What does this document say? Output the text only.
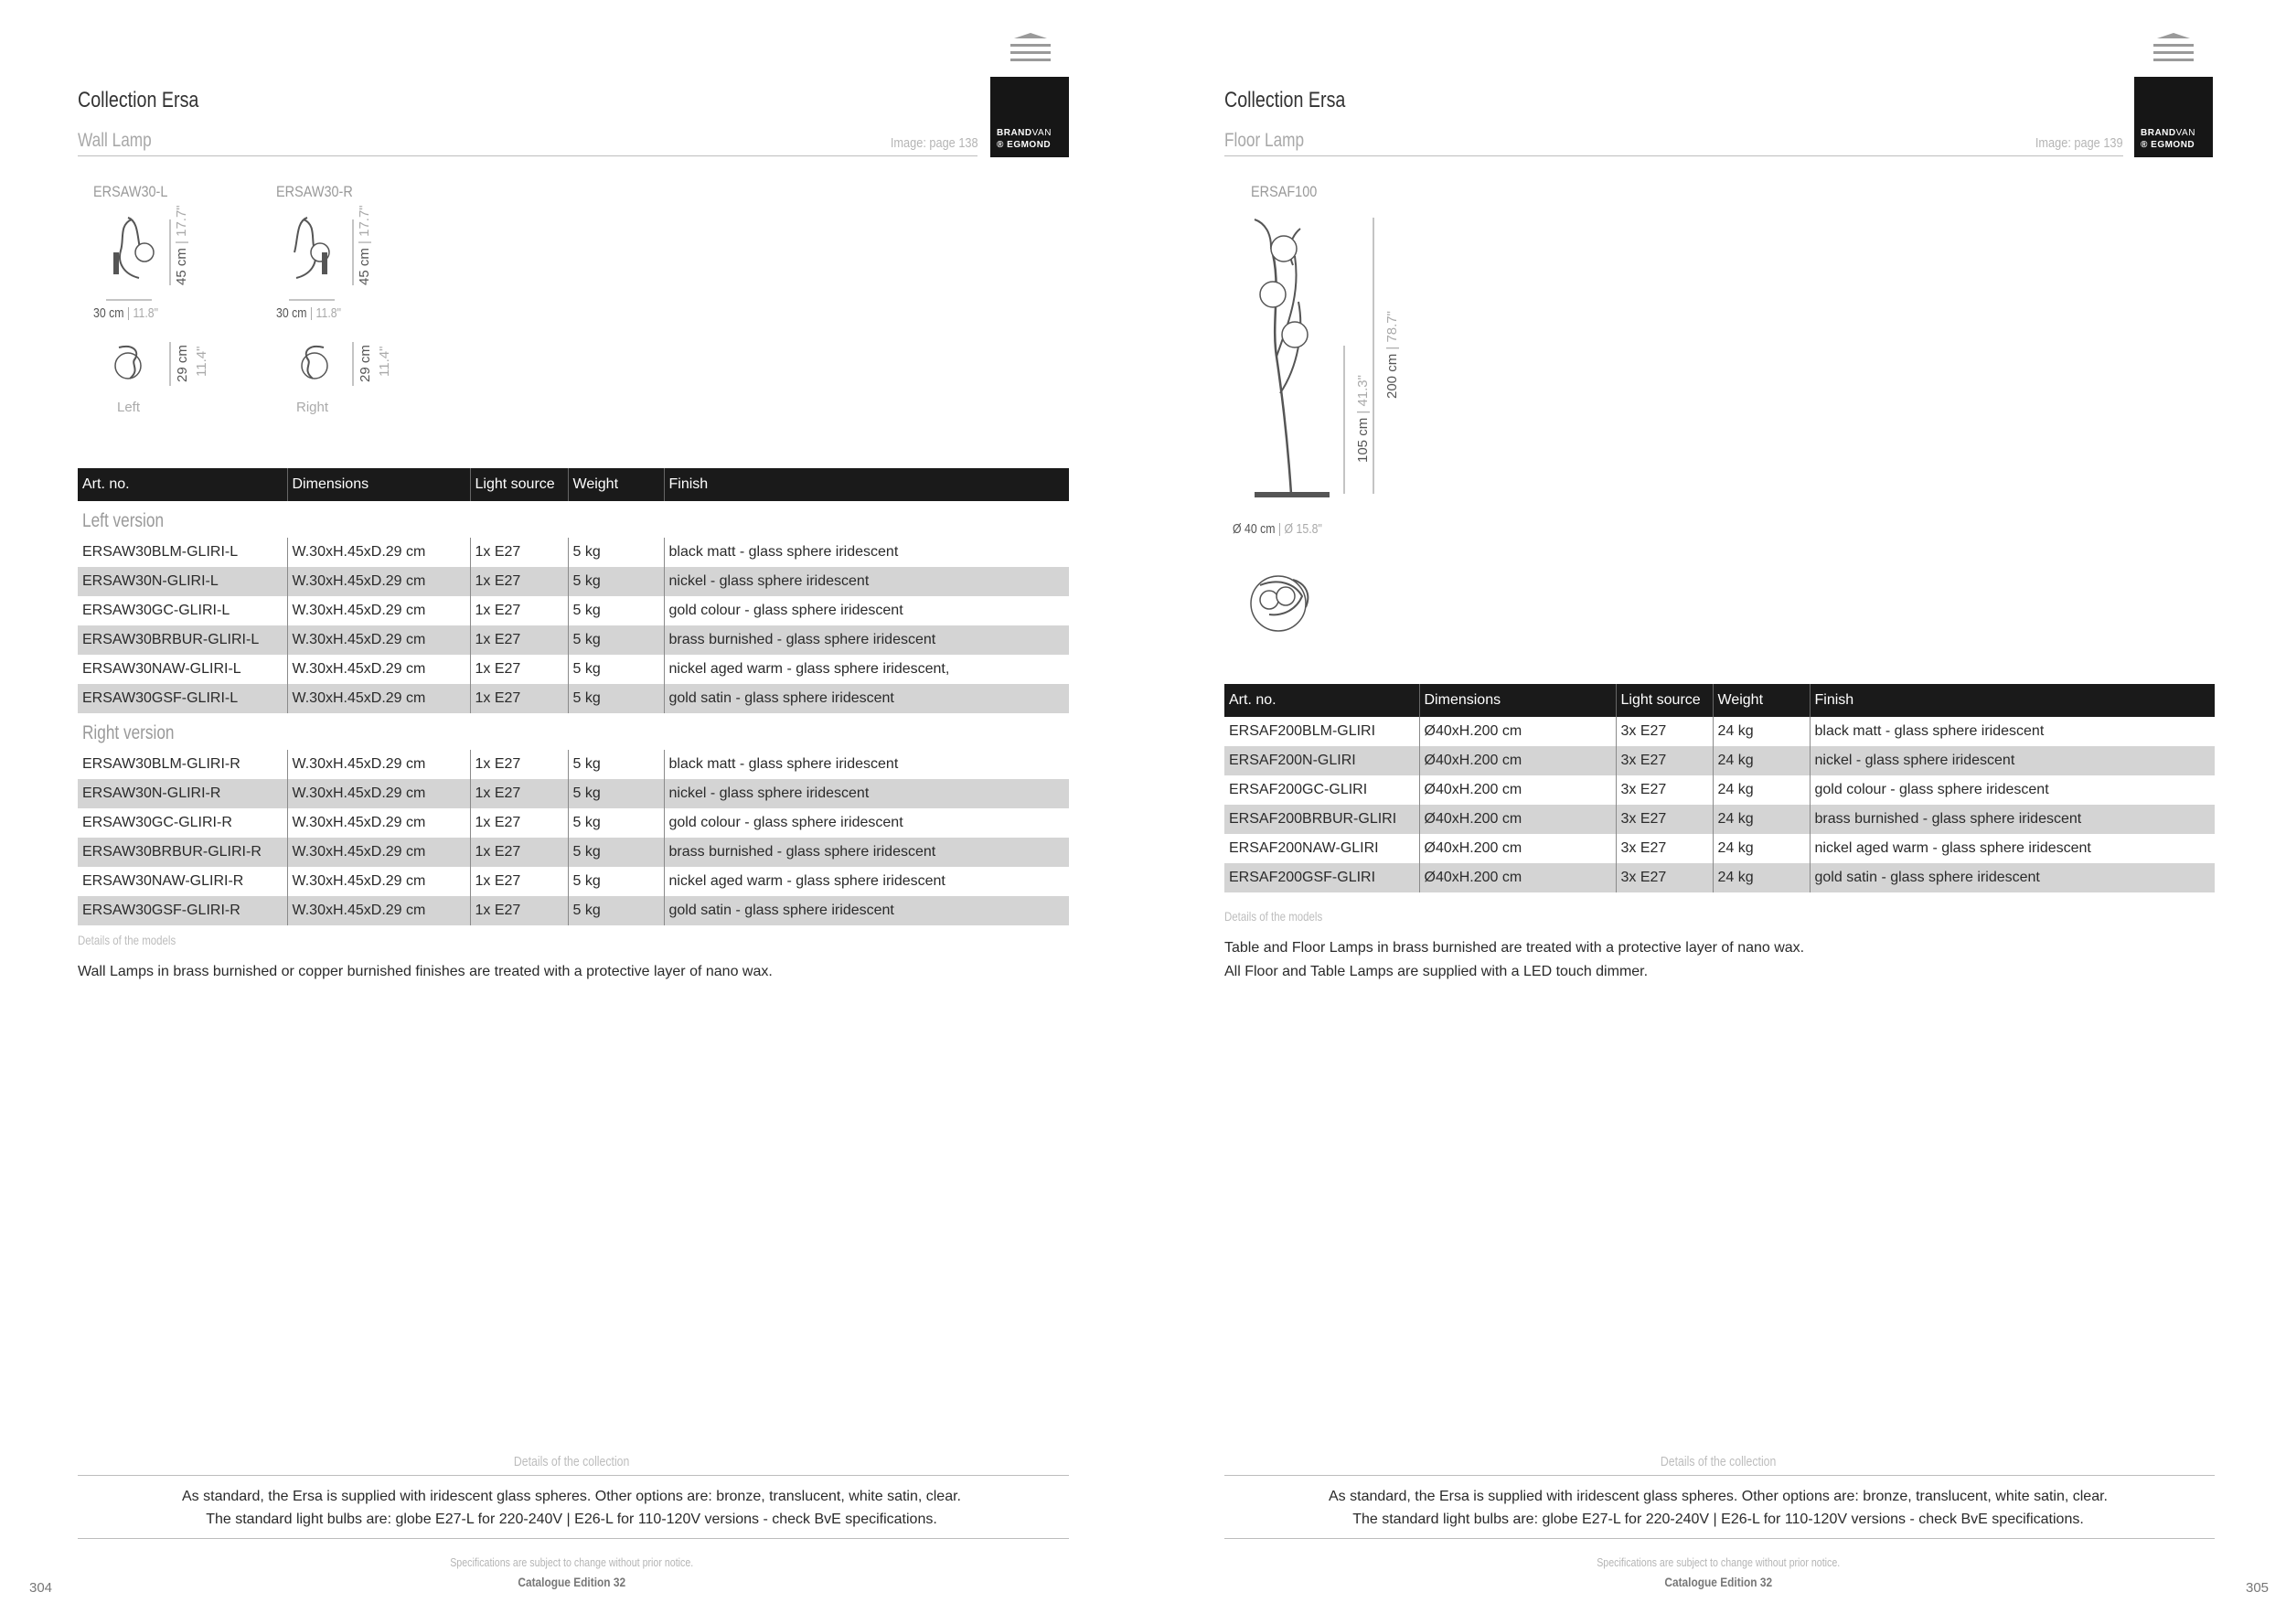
BRANDVAN
® EGMOND
Collection Ersa
Wall Lamp	Image: page 138
ERSAW30-L	ERSAW30-R
45 cm | 17.7"
30 cm | 11.8"
45 cm | 17.7"
30 cm | 11.8"
29 cm 11.4"	29 cm 11.4"
Left	Right
Art. no.	Dimensions	Light source	Weight	Finish
Left version				
ERSAW30BLM-GLIRI-L	W.30xH.45xD.29 cm	1x E27	5 kg	black matt - glass sphere iridescent
ERSAW30N-GLIRI-L	W.30xH.45xD.29 cm	1x E27	5 kg	nickel - glass sphere iridescent
ERSAW30GC-GLIRI-L	W.30xH.45xD.29 cm	1x E27	5 kg	gold colour - glass sphere iridescent
ERSAW30BRBUR-GLIRI-L	W.30xH.45xD.29 cm	1x E27	5 kg	brass burnished - glass sphere iridescent
ERSAW30NAW-GLIRI-L	W.30xH.45xD.29 cm	1x E27	5 kg	nickel aged warm - glass sphere iridescent,
ERSAW30GSF-GLIRI-L	W.30xH.45xD.29 cm	1x E27	5 kg	gold satin - glass sphere iridescent
Right version				
ERSAW30BLM-GLIRI-R	W.30xH.45xD.29 cm	1x E27	5 kg	black matt - glass sphere iridescent
ERSAW30N-GLIRI-R	W.30xH.45xD.29 cm	1x E27	5 kg	nickel - glass sphere iridescent
ERSAW30GC-GLIRI-R	W.30xH.45xD.29 cm	1x E27	5 kg	gold colour - glass sphere iridescent
ERSAW30BRBUR-GLIRI-R	W.30xH.45xD.29 cm	1x E27	5 kg	brass burnished - glass sphere iridescent
ERSAW30NAW-GLIRI-R	W.30xH.45xD.29 cm	1x E27	5 kg	nickel aged warm - glass sphere iridescent
ERSAW30GSF-GLIRI-R	W.30xH.45xD.29 cm	1x E27	5 kg	gold satin - glass sphere iridescent
Details of the models
Wall Lamps in brass burnished or copper burnished finishes are treated with a protective layer of nano wax.
Details of the collection
As standard, the Ersa is supplied with iridescent glass spheres. Other options are: bronze, translucent, white satin, clear.
The standard light bulbs are: globe E27-L for 220-240V | E26-L for 110-120V versions - check BvE specifications.
Specifications are subject to change without prior notice.
Catalogue Edition 32
304
BRANDVAN
® EGMOND
Collection Ersa
Floor Lamp	Image: page 139
ERSAF100
200 cm | 78.7"
105 cm | 41.3"
Ø 40 cm | Ø 15.8"
Art. no.	Dimensions	Light source	Weight	Finish
ERSAF200BLM-GLIRI	Ø40xH.200 cm	3x E27	24 kg	black matt - glass sphere iridescent
ERSAF200N-GLIRI	Ø40xH.200 cm	3x E27	24 kg	nickel - glass sphere iridescent
ERSAF200GC-GLIRI	Ø40xH.200 cm	3x E27	24 kg	gold colour - glass sphere iridescent
ERSAF200BRBUR-GLIRI	Ø40xH.200 cm	3x E27	24 kg	brass burnished - glass sphere iridescent
ERSAF200NAW-GLIRI	Ø40xH.200 cm	3x E27	24 kg	nickel aged warm - glass sphere iridescent
ERSAF200GSF-GLIRI	Ø40xH.200 cm	3x E27	24 kg	gold satin - glass sphere iridescent
Details of the models
Table and Floor Lamps in brass burnished are treated with a protective layer of nano wax.
All Floor and Table Lamps are supplied with a LED touch dimmer.
Details of the collection
As standard, the Ersa is supplied with iridescent glass spheres. Other options are: bronze, translucent, white satin, clear.
The standard light bulbs are: globe E27-L for 220-240V | E26-L for 110-120V versions - check BvE specifications.
Specifications are subject to change without prior notice.
Catalogue Edition 32	305
